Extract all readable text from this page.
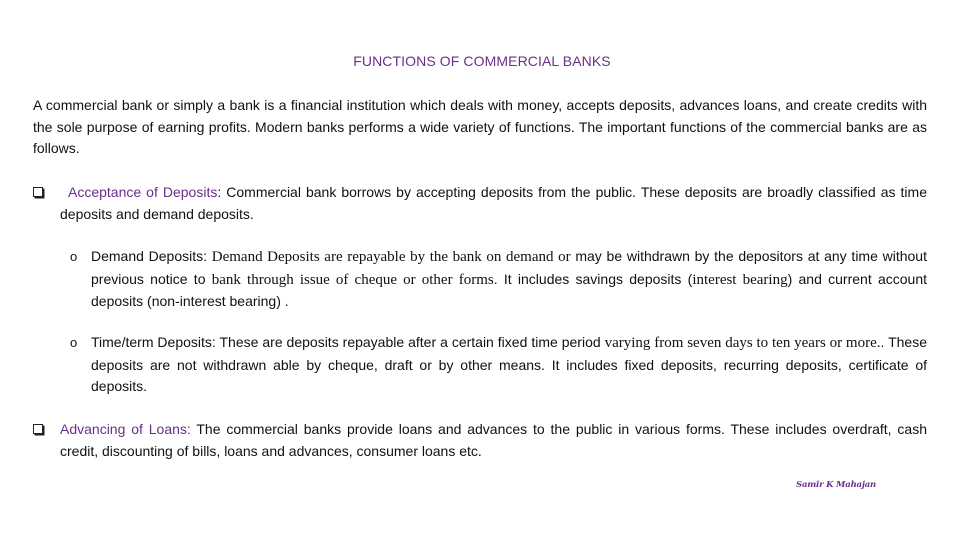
FUNCTIONS OF COMMERCIAL BANKS

A commercial bank or simply a bank is a financial institution which deals with money, accepts deposits, advances loans, and create credits with the sole purpose of earning profits. Modern banks performs a wide variety of functions. The important functions of the commercial banks are as follows.

Acceptance of Deposits: Commercial bank borrows by accepting deposits from the public. These deposits are broadly classified as time deposits and demand deposits.
o Demand Deposits: Demand Deposits are repayable by the bank on demand or may be withdrawn by the depositors at any time without previous notice to bank through issue of cheque or other forms. It includes savings deposits (interest bearing) and current account deposits (non-interest bearing) .
o Time/term Deposits: These are deposits repayable after a certain fixed time period varying from seven days to ten years or more.. These deposits are not withdrawn able by cheque, draft or by other means. It includes fixed deposits, recurring deposits, certificate of deposits.
Advancing of Loans: The commercial banks provide loans and advances to the public in various forms. These includes overdraft, cash credit, discounting of bills, loans and advances, consumer loans etc.
Samir K Mahajan
